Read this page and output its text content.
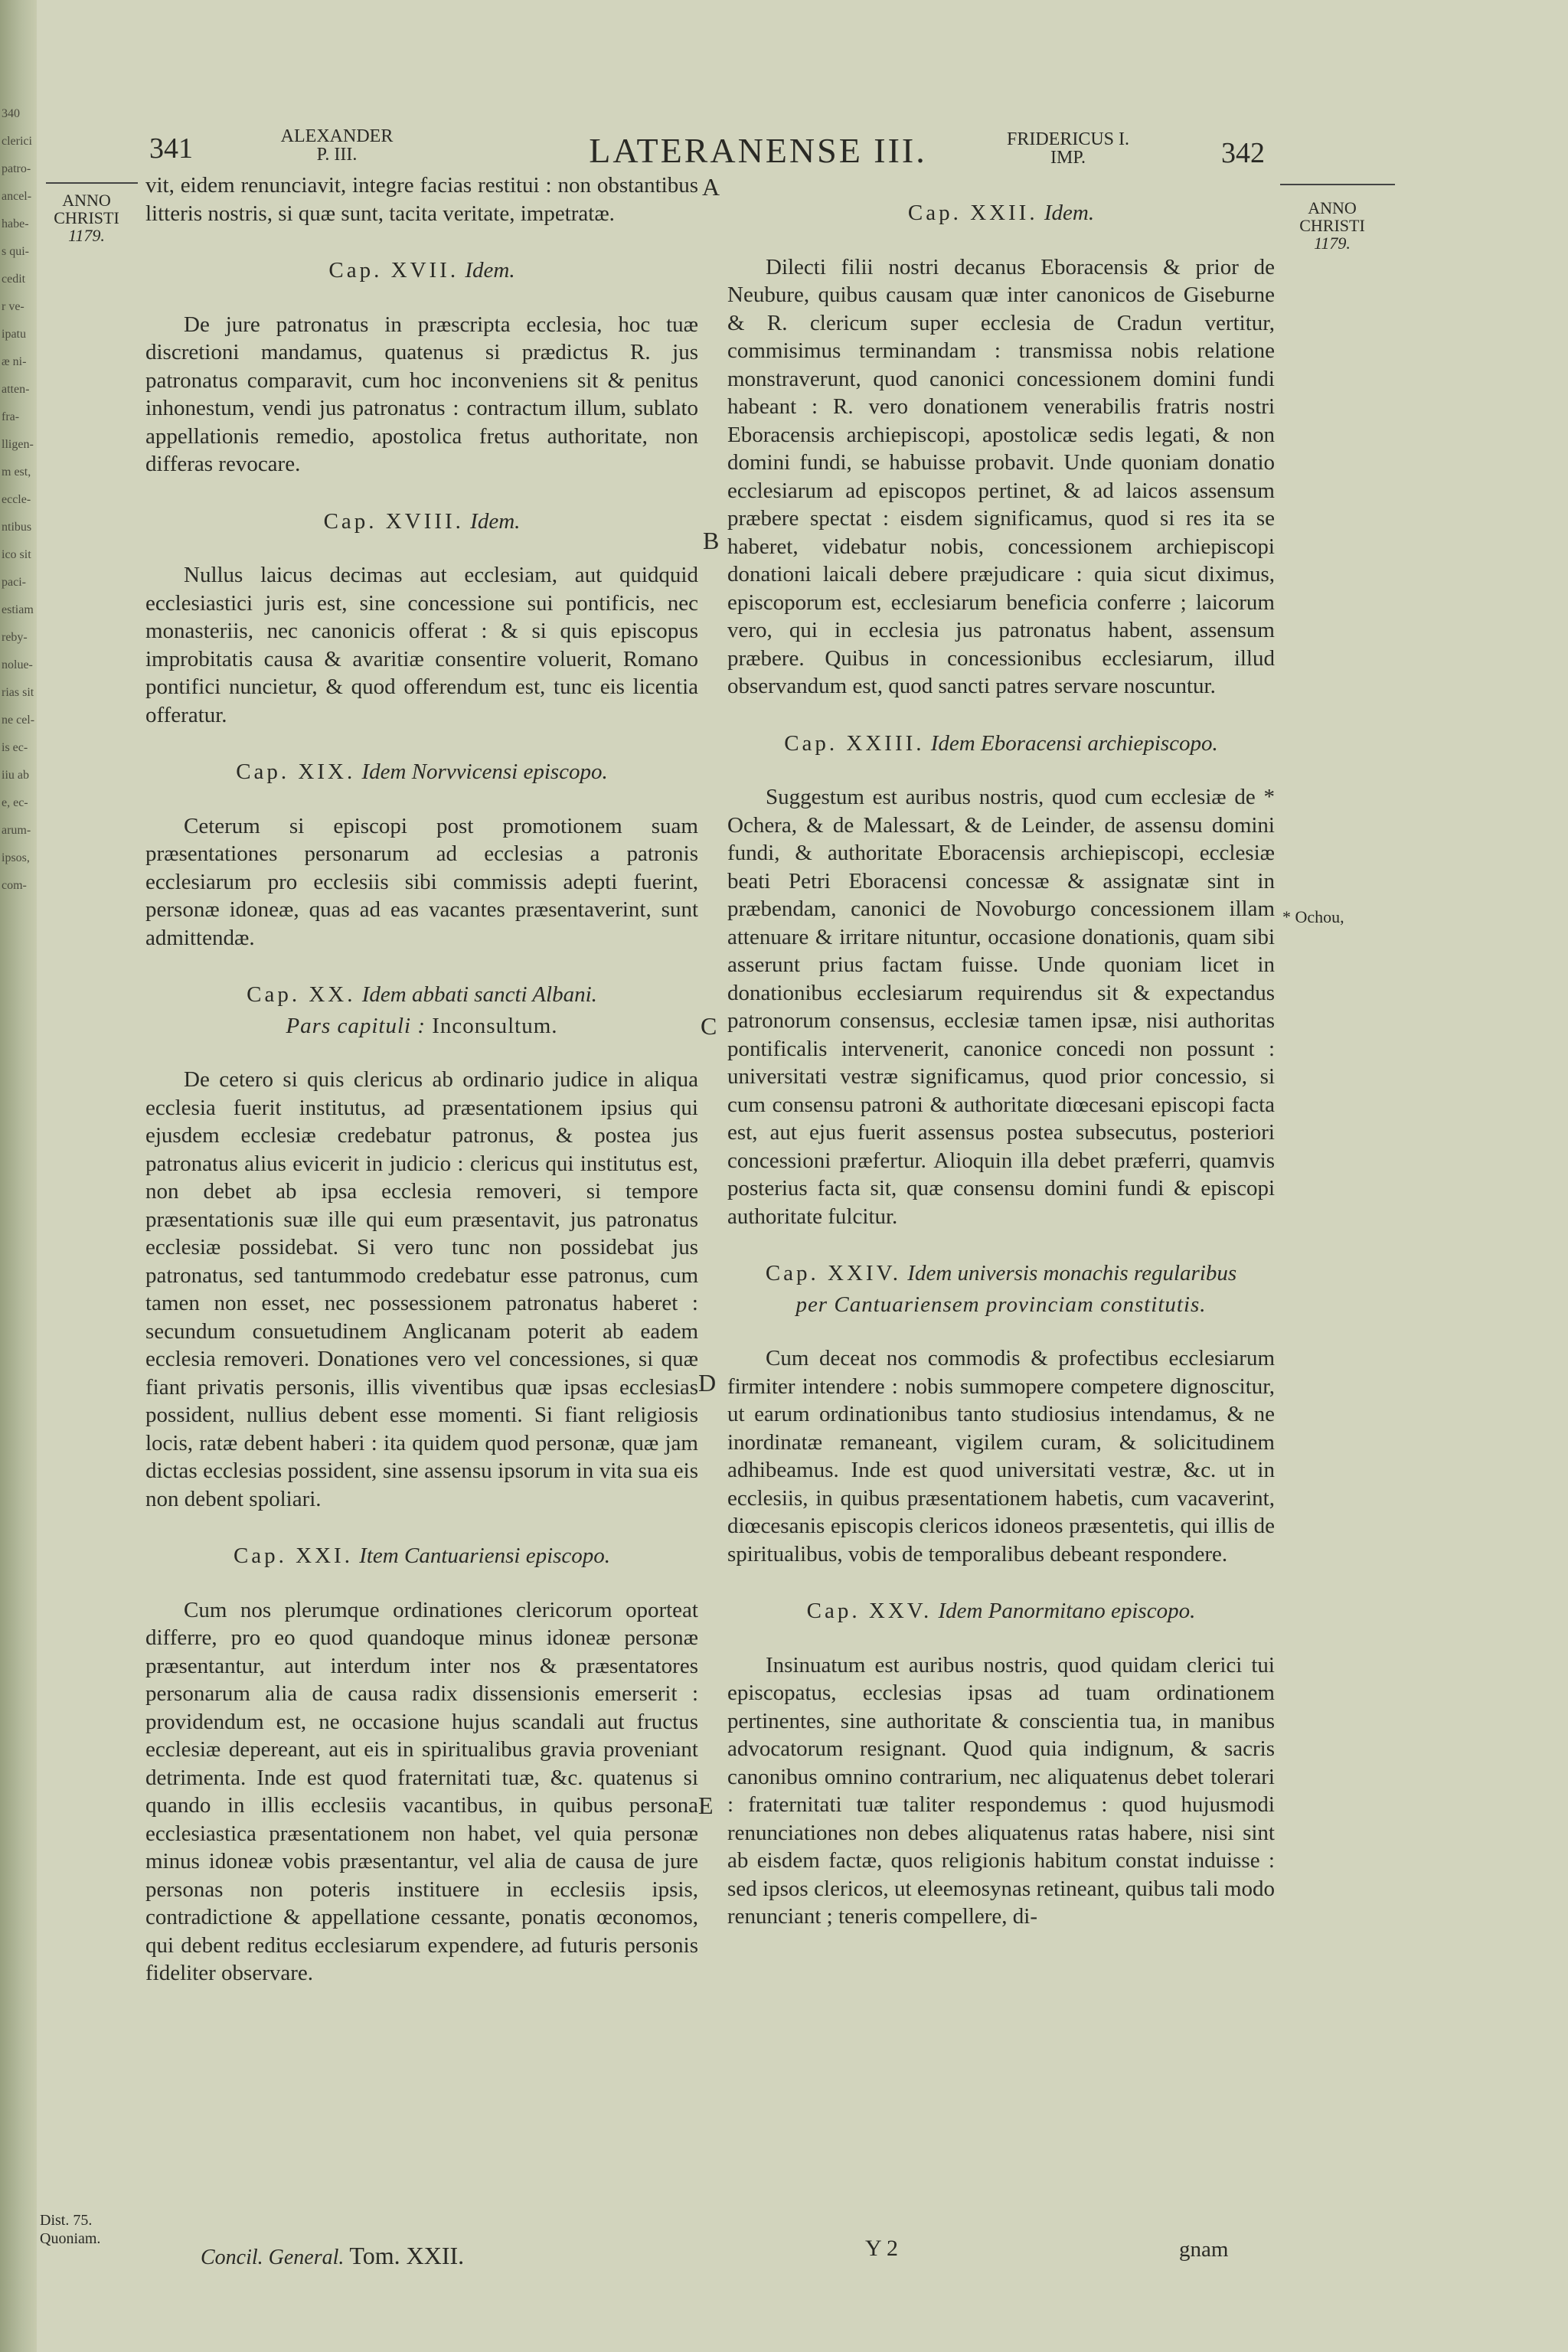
340
clerici
patro-
ancel-
habe-
s qui-
cedit
r ve-
ipatu
æ ni-
atten-
fra-
lligen-
m est,
eccle-
ntibus
ico sit
paci-
estiam
reby-
nolue-
rias sit
ne cel-
is ec-
iiu ab
e, ec-
arum-
ipsos,
com-
341	ALEXANDER
P. III.	LATERANENSE III.	FRIDERICUS I.
IMP.	342
ANNO
CHRISTI
1179.
ANNO
CHRISTI
1179.
* Ochou,
Dist. 75.
Quoniam.
A
B
C
D
E

vit, eidem renunciavit, integre facias restitui : non obstantibus litteris nostris, si quæ sunt, tacita veritate, impetratæ.

Cap. XVII. Idem.

De jure patronatus in præscripta ecclesia, hoc tuæ discretioni mandamus, quatenus si prædictus R. jus patronatus comparavit, cum hoc inconveniens sit & penitus inhonestum, vendi jus patronatus : contractum illum, sublato appellationis remedio, apostolica fretus authoritate, non differas revocare.

Cap. XVIII. Idem.

Nullus laicus decimas aut ecclesiam, aut quidquid ecclesiastici juris est, sine concessione sui pontificis, nec monasteriis, nec canonicis offerat : & si quis episcopus improbitatis causa & avaritiæ consentire voluerit, Romano pontifici nuncietur, & quod offerendum est, tunc eis licentia offeratur.

Cap. XIX. Idem Norvvicensi episcopo.

Ceterum si episcopi post promotionem suam præsentationes personarum ad ecclesias a patronis ecclesiarum pro ecclesiis sibi commissis adepti fuerint, personæ idoneæ, quas ad eas vacantes præsentaverint, sunt admittendæ.

Cap. XX. Idem abbati sancti Albani.
Pars capituli : Inconsultum.

De cetero si quis clericus ab ordinario judice in aliqua ecclesia fuerit institutus, ad præsentationem ipsius qui ejusdem ecclesiæ credebatur patronus, & postea jus patronatus alius evicerit in judicio : clericus qui institutus est, non debet ab ipsa ecclesia removeri, si tempore præsentationis suæ ille qui eum præsentavit, jus patronatus ecclesiæ possidebat. Si vero tunc non possidebat jus patronatus, sed tantummodo credebatur esse patronus, cum tamen non esset, nec possessionem patronatus haberet : secundum consuetudinem Anglicanam poterit ab eadem ecclesia removeri. Donationes vero vel concessiones, si quæ fiant privatis personis, illis viventibus quæ ipsas ecclesias possident, nullius debent esse momenti. Si fiant religiosis locis, ratæ debent haberi : ita quidem quod personæ, quæ jam dictas ecclesias possident, sine assensu ipsorum in vita sua eis non debent spoliari.

Cap. XXI. Item Cantuariensi episcopo.

Cum nos plerumque ordinationes clericorum oporteat differre, pro eo quod quandoque minus idoneæ personæ præsentantur, aut interdum inter nos & præsentatores personarum alia de causa radix dissensionis emerserit : providendum est, ne occasione hujus scandali aut fructus ecclesiæ depereant, aut eis in spiritualibus gravia proveniant detrimenta. Inde est quod fraternitati tuæ, &c. quatenus si quando in illis ecclesiis vacantibus, in quibus persona ecclesiastica præsentationem non habet, vel quia personæ minus idoneæ vobis præsentantur, vel alia de causa de jure personas non poteris instituere in ecclesiis ipsis, contradictione & appellatione cessante, ponatis œconomos, qui debent reditus ecclesiarum expendere, ad futuris personis fideliter observare.

Cap. XXII. Idem.

Dilecti filii nostri decanus Eboracensis & prior de Neubure, quibus causam quæ inter canonicos de Giseburne & R. clericum super ecclesia de Cradun vertitur, commisimus terminandam : transmissa nobis relatione monstraverunt, quod canonici concessionem domini fundi habeant : R. vero donationem venerabilis fratris nostri Eboracensis archiepiscopi, apostolicæ sedis legati, & non domini fundi, se habuisse probavit. Unde quoniam donatio ecclesiarum ad episcopos pertinet, & ad laicos assensum præbere spectat : eisdem significamus, quod si res ita se haberet, videbatur nobis, concessionem archiepiscopi donationi laicali debere præjudicare : quia sicut diximus, episcoporum est, ecclesiarum beneficia conferre ; laicorum vero, qui in ecclesia jus patronatus habent, assensum præbere. Quibus in concessionibus ecclesiarum, illud observandum est, quod sancti patres servare noscuntur.

Cap. XXIII. Idem Eboracensi archiepiscopo.

Suggestum est auribus nostris, quod cum ecclesiæ de * Ochera, & de Malessart, & de Leinder, de assensu domini fundi, & authoritate Eboracensis archiepiscopi, ecclesiæ beati Petri Eboracensi concessæ & assignatæ sint in præbendam, canonici de Novoburgo concessionem illam attenuare & irritare nituntur, occasione donationis, quam sibi asserunt prius factam fuisse. Unde quoniam licet in donationibus ecclesiarum requirendus sit & expectandus patronorum consensus, ecclesiæ tamen ipsæ, nisi authoritas pontificalis intervenerit, canonice concedi non possunt : universitati vestræ significamus, quod prior concessio, si cum consensu patroni & authoritate diœcesani episcopi facta est, aut ejus fuerit assensus postea subsecutus, posteriori concessioni præfertur. Alioquin illa debet præferri, quamvis posterius facta sit, quæ consensu domini fundi & episcopi authoritate fulcitur.

Cap. XXIV. Idem universis monachis regularibus
per Cantuariensem provinciam constitutis.

Cum deceat nos commodis & profectibus ecclesiarum firmiter intendere : nobis summopere competere dignoscitur, ut earum ordinationibus tanto studiosius intendamus, & ne inordinatæ remaneant, vigilem curam, & solicitudinem adhibeamus. Inde est quod universitati vestræ, &c. ut in ecclesiis, in quibus præsentationem habetis, cum vacaverint, diœcesanis episcopis clericos idoneos præsentetis, qui illis de spiritualibus, vobis de temporalibus debeant respondere.

Cap. XXV. Idem Panormitano episcopo.

Insinuatum est auribus nostris, quod quidam clerici tui episcopatus, ecclesias ipsas ad tuam ordinationem pertinentes, sine authoritate & conscientia tua, in manibus advocatorum resignant. Quod quia indignum, & sacris canonibus omnino contrarium, nec aliquatenus debet tolerari : fraternitati tuæ taliter respondemus : quod hujusmodi renunciationes non debes aliquatenus ratas habere, nisi sint ab eisdem factæ, quos religionis habitum constat induisse : sed ipsos clericos, ut eleemosynas retineant, quibus tali modo renunciant ; teneris compellere, di-

Concil. General. Tom. XXII.	Y 2	gnam
